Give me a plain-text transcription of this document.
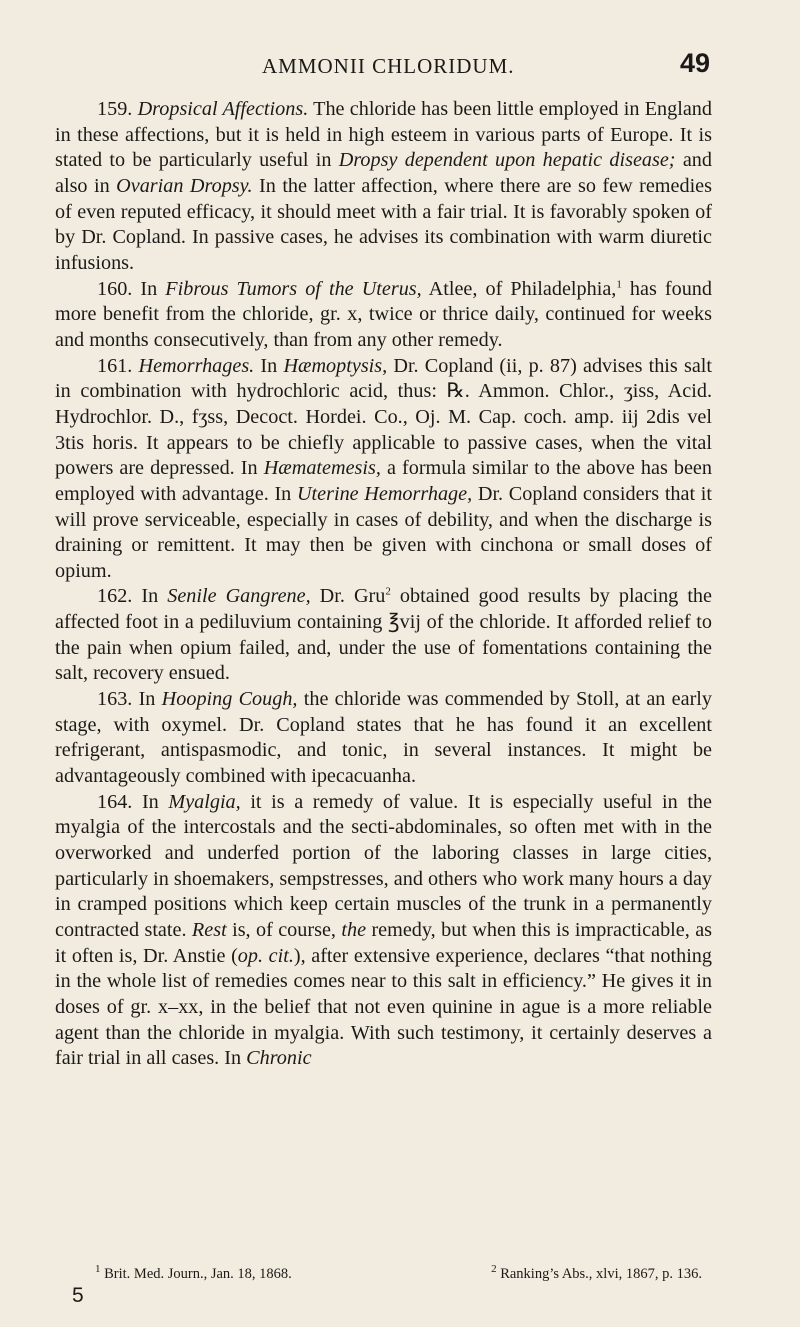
AMMONII CHLORIDUM.	49

159. Dropsical Affections. The chloride has been little employed in England in these affections, but it is held in high esteem in various parts of Europe. It is stated to be particularly useful in Dropsy dependent upon hepatic disease; and also in Ovarian Dropsy. In the latter affection, where there are so few remedies of even reputed efficacy, it should meet with a fair trial. It is favorably spoken of by Dr. Copland. In passive cases, he advises its combination with warm diuretic infusions.

160. In Fibrous Tumors of the Uterus, Atlee, of Philadelphia,$^1$ has found more benefit from the chloride, gr. x, twice or thrice daily, continued for weeks and months consecutively, than from any other remedy.

161. Hemorrhages. In Hæmoptysis, Dr. Copland (ii, p. 87) advises this salt in combination with hydrochloric acid, thus: ℞. Ammon. Chlor., ʒiss, Acid. Hydrochlor. D., fʒss, Decoct. Hordei. Co., Oj. M. Cap. coch. amp. iij 2dis vel 3tis horis. It appears to be chiefly applicable to passive cases, when the vital powers are depressed. In Hæmatemesis, a formula similar to the above has been employed with advantage. In Uterine Hemorrhage, Dr. Copland considers that it will prove serviceable, especially in cases of debility, and when the discharge is draining or remittent. It may then be given with cinchona or small doses of opium.

162. In Senile Gangrene, Dr. Gru$^2$ obtained good results by placing the affected foot in a pediluvium containing ℥vij of the chloride. It afforded relief to the pain when opium failed, and, under the use of fomentations containing the salt, recovery ensued.

163. In Hooping Cough, the chloride was commended by Stoll, at an early stage, with oxymel. Dr. Copland states that he has found it an excellent refrigerant, antispasmodic, and tonic, in several instances. It might be advantageously combined with ipecacuanha.

164. In Myalgia, it is a remedy of value. It is especially useful in the myalgia of the intercostals and the secti-abdominales, so often met with in the overworked and underfed portion of the laboring classes in large cities, particularly in shoemakers, sempstresses, and others who work many hours a day in cramped positions which keep certain muscles of the trunk in a permanently contracted state. Rest is, of course, the remedy, but when this is impracticable, as it often is, Dr. Anstie (op. cit.), after extensive experience, declares “that nothing in the whole list of remedies comes near to this salt in efficiency.” He gives it in doses of gr. x–xx, in the belief that not even quinine in ague is a more reliable agent than the chloride in myalgia. With such testimony, it certainly deserves a fair trial in all cases. In Chronic

$^1$ Brit. Med. Journ., Jan. 18, 1868.	$^2$ Ranking’s Abs., xlvi, 1867, p. 136.
5
